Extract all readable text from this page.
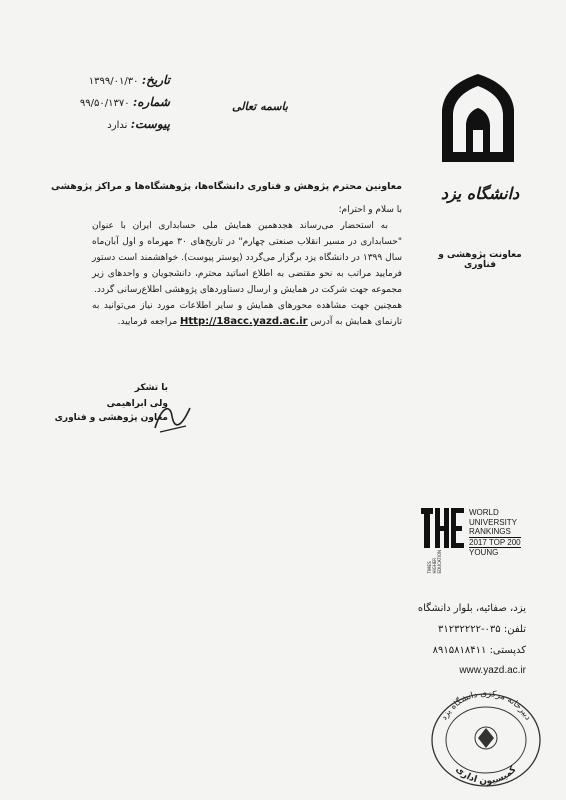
دانشگاه یزد
معاونت پژوهشی و فناوری
باسمه تعالی
تاریخ: ۱۳۹۹/۰۱/۳۰
شماره: ۹۹/۵۰/۱۳۷۰
پیوست: ندارد
معاونین محترم پژوهش و فناوری دانشگاه‌ها، پژوهشگاه‌ها و مراکز پژوهشی

با سلام و احترام؛

به استحضار می‌رساند هجدهمین همایش ملی حسابداری ایران با عنوان "حسابداری در مسیر انقلاب صنعتی چهارم" در تاریخ‌های ۳۰ مهرماه و اول آبان‌ماه سال ۱۳۹۹ در دانشگاه یزد برگزار می‌گردد (پوستر پیوست). خواهشمند است دستور فرمایید مراتب به نحو مقتضی به اطلاع اساتید محترم، دانشجویان و واحدهای زیر مجموعه جهت شرکت در همایش و ارسال دستاوردهای پژوهشی اطلاع‌رسانی گردد.

همچنین جهت مشاهده محورهای همایش و سایر اطلاعات مورد نیاز می‌توانید به تارنمای همایش به آدرس Http://18acc.yazd.ac.ir مراجعه فرمایید.

با تشکر
ولی ابراهیمی
معاون پژوهشی و فناوری
TIMES HIGHER EDUCATION
WORLD
UNIVERSITY
RANKINGS
2017 TOP 200
YOUNG
یزد، صفائیه، بلوار دانشگاه
تلفن: ۰۳۵-۳۱۲۳۲۲۲۲
کدپستی: ۸۹۱۵۸۱۸۴۱۱
www.yazd.ac.ir
دبیرخانه مرکزی دانشگاه یزد
کمیسیون اداری
